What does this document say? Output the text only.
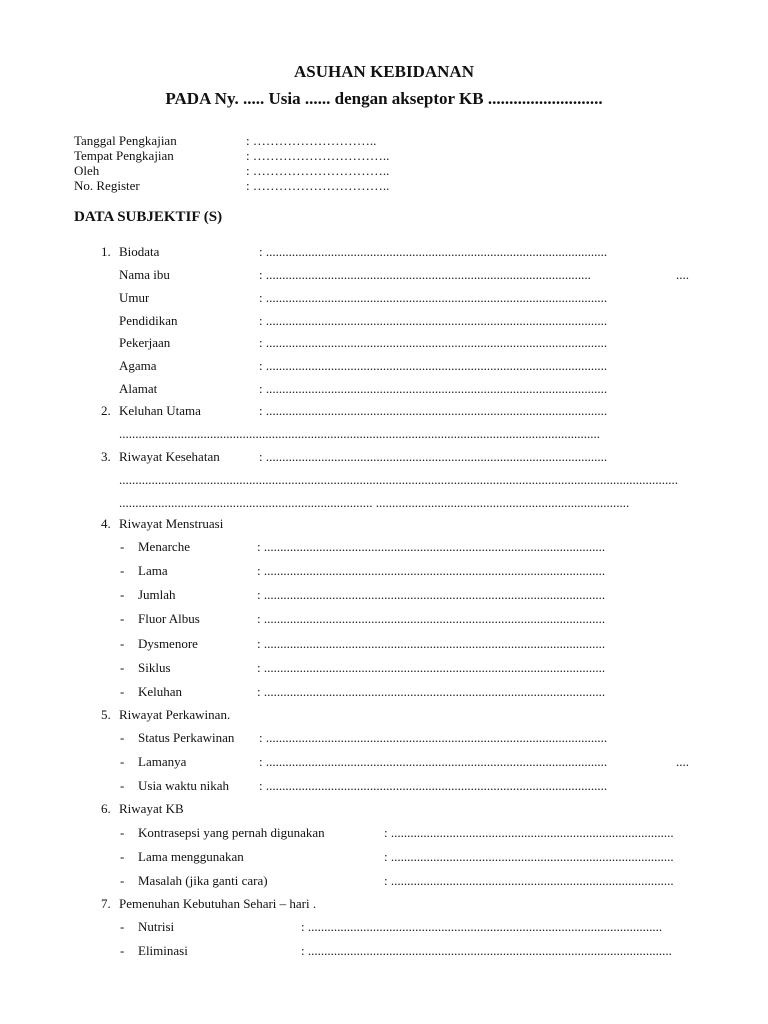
ASUHAN KEBIDANAN
PADA Ny. ..... Usia ...... dengan akseptor KB ...........................
Tanggal Pengkajian	: ………………………..
Tempat Pengkajian	: …………………………..
Oleh	: …………………………..
No. Register	: …………………………..
DATA SUBJEKTIF (S)
1. Biodata	: .........................................................................................................
Nama ibu	: ....................................................................................................	....
Umur	: .........................................................................................................
Pendidikan	: .........................................................................................................
Pekerjaan	: .........................................................................................................
Agama	: .........................................................................................................
Alamat	: .........................................................................................................
2. Keluhan Utama	: .........................................................................................................
....................................................................................................................................................
3. Riwayat Kesehatan	: .........................................................................................................
............................................................................................................................................................................
.............................................................................. ..............................................................................
4. Riwayat Menstruasi
- Menarche	: .........................................................................................................
- Lama	: .........................................................................................................
- Jumlah	: .........................................................................................................
- Fluor Albus	: .........................................................................................................
- Dysmenore	: .........................................................................................................
- Siklus	: .........................................................................................................
- Keluhan	: .........................................................................................................
5. Riwayat Perkawinan.
- Status Perkawinan : .........................................................................................................
- Lamanya	: .........................................................................................................	....
- Usia waktu nikah : .........................................................................................................
6. Riwayat KB
- Kontrasepsi yang pernah digunakan	: .......................................................................................
- Lama menggunakan	: .......................................................................................
- Masalah (jika ganti cara)	: .......................................................................................
7. Pemenuhan Kebutuhan Sehari – hari .
- Nutrisi	: .............................................................................................................
- Eliminasi	: ................................................................................................................
